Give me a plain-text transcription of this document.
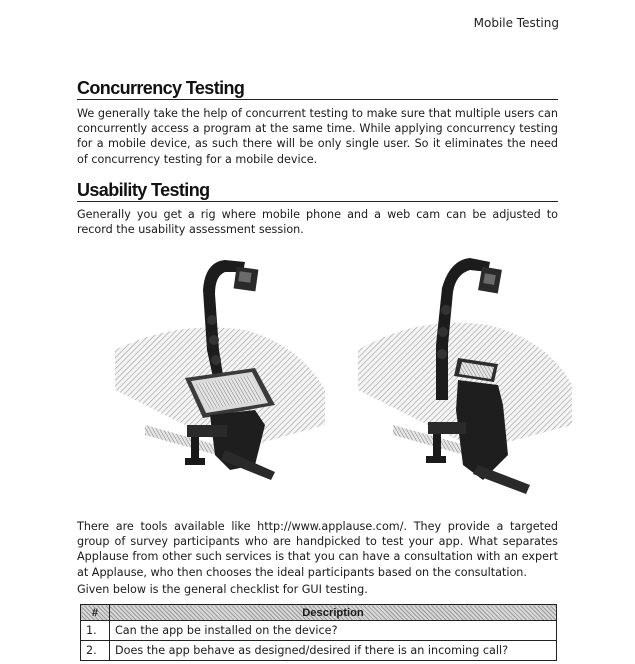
Mobile Testing
Concurrency Testing

We generally take the help of concurrent testing to make sure that multiple users can concurrently access a program at the same time. While applying concurrency testing for a mobile device, as such there will be only single user. So it eliminates the need of concurrency testing for a mobile device.

Usability Testing

Generally you get a rig where mobile phone and a web cam can be adjusted to record the usability assessment session.

There are tools available like http://www.applause.com/. They provide a targeted group of survey participants who are handpicked to test your app. What separates Applause from other such services is that you can have a consultation with an expert at Applause, who then chooses the ideal participants based on the consultation.

Given below is the general checklist for GUI testing.

#	Description
1.	Can the app be installed on the device?
2.	Does the app behave as designed/desired if there is an incoming call?
